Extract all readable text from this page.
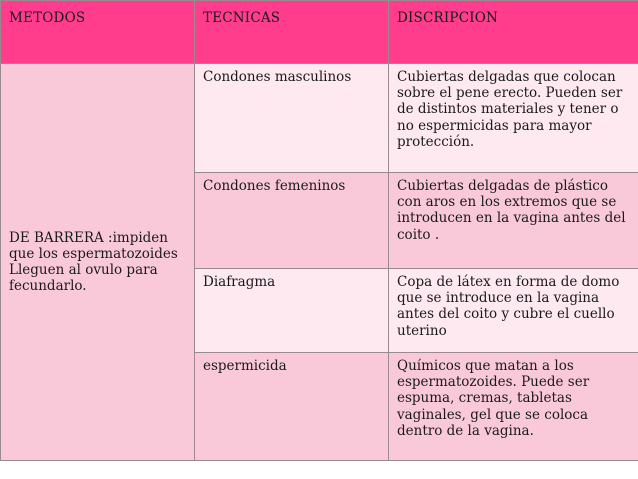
METODOS	TECNICAS	DISCRIPCION

DE BARRERA :impiden que los espermatozoides Lleguen al ovulo para fecundarlo.	Condones masculinos	Cubiertas delgadas que colocan sobre el pene erecto. Pueden ser de distintos materiales y tener o no espermicidas para mayor protección.

	Condones femeninos	Cubiertas delgadas de plástico con aros en los extremos que se introducen en la vagina antes del coito .

	Diafragma	Copa de látex en forma de domo que se introduce en la vagina antes del coito y cubre el cuello uterino

	espermicida	Químicos que matan a los espermatozoides. Puede ser espuma, cremas, tabletas vaginales, gel que se coloca dentro de la vagina.
